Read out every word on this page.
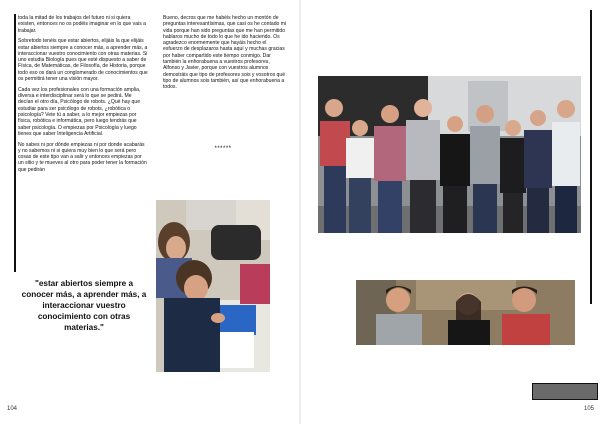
toda la mitad de los trabajos del futuro ni si quiera existen, entonces no os podéis imaginar en lo que vais a trabajar.

Sobretodo tenéis que estar abiertos, elijáis la que elijáis estar abiertos siempre a conocer más, a aprender más, a interaccionar vuestro conocimiento con otras materias. Si uno estudia Biología pues que esté dispuesto a saber de Física, de Matemáticas, de Filosofía, de Historia, porque todo eso os dará un conglomerado de conocimientos que os permitirá tener una visión mayor.

Cada vez los profesionales con una formación amplia, diversa e interdisciplinar será lo que se pedirá. Me decían el otro día, Psicólogo de robots. ¿Qué hay que estudiar para ser psicólogo de robots, ¿robótica o psicología? Vete tú a saber, a lo mejor empiezas por física, robótica e informática, pero luego tendrás que saber psicología. O empiezas por Psicología y luego tienes que saber Inteligencia Artificial.

No sabes ni por dónde empiezas ni por donde acabarás y no sabemos ni si quiera muy bien lo que será pero cosas de este tipo van a salir y entonces empiezas por un sitio y te mueves al otro para poder tener la formación que pedirán

Bueno, decros que me habéis hecho un montón de preguntas interesantísimas, que casi os he contado mi vida porque han sido preguntas que me han permitido hablaros mucho de todo lo que he ido haciendo. Os agradezco enormemente que hayáis hecho el esfuerzo de desplazaros hasta aquí y muchas gracias por haber compartido este tiempo conmigo. Dar también la enhorabuena a vuestros profesores, Alfonso y Javier, porque con vuestros alumnos demostráis que tipo de profesores sois y vosotros qué tipo de alumnos sois también, así que enhorabuena a todos.

******
"estar abiertos siempre a conocer más, a aprender más, a interaccionar vuestro conocimiento con otras materias."
104	105
